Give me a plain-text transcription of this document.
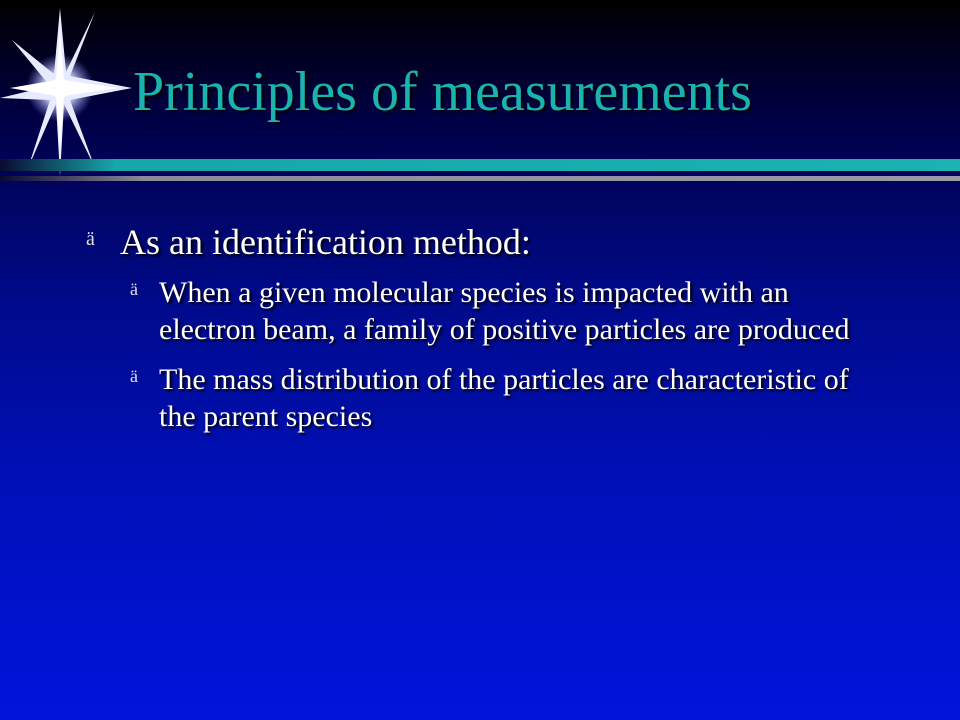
Principles of measurements
ä As an identification method:
ä When a given molecular species is impacted with an electron beam, a family of positive particles are produced
ä The mass distribution of the particles are characteristic of the parent species
